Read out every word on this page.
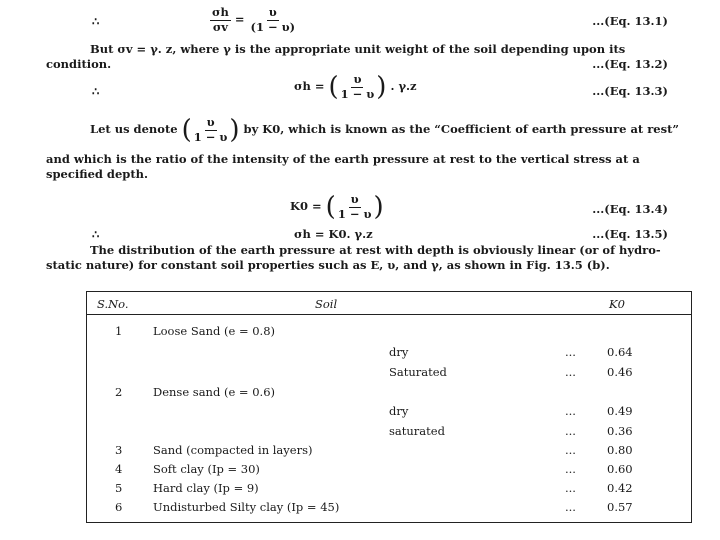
∴	$\frac{\sigma h}{\sigma v} = \frac{\upsilon}{(1 - \upsilon)}$	...(Eq. 13.1)
But σv = γ. z, where γ is the appropriate unit weight of the soil depending upon its
condition.	...(Eq. 13.2)
∴	σh = ( $\frac{\upsilon}{1 - \upsilon}$ ) . γ.z	...(Eq. 13.3)
Let us denote ( $\frac{\upsilon}{1 - \upsilon}$ ) by K0, which is known as the “Coefficient of earth pressure at rest”
and which is the ratio of the intensity of the earth pressure at rest to the vertical stress at a specified depth.
K0 = ( $\frac{\upsilon}{1 - \upsilon}$ )	...(Eq. 13.4)
∴	σh = K0. γ.z	...(Eq. 13.5)
The distribution of the earth pressure at rest with depth is obviously linear (or of hydro-static nature) for constant soil properties such as E, υ, and γ, as shown in Fig. 13.5 (b).
S.No.	Soil	K0
1	Loose Sand (e = 0.8)
dry	...	0.64
Saturated	...	0.46
2	Dense sand (e = 0.6)
dry	...	0.49
saturated	...	0.36
3	Sand (compacted in layers)	...	0.80
4	Soft clay (Ip = 30)	...	0.60
5	Hard clay (Ip = 9)	...	0.42
6	Undisturbed Silty clay (Ip = 45)	...	0.57
